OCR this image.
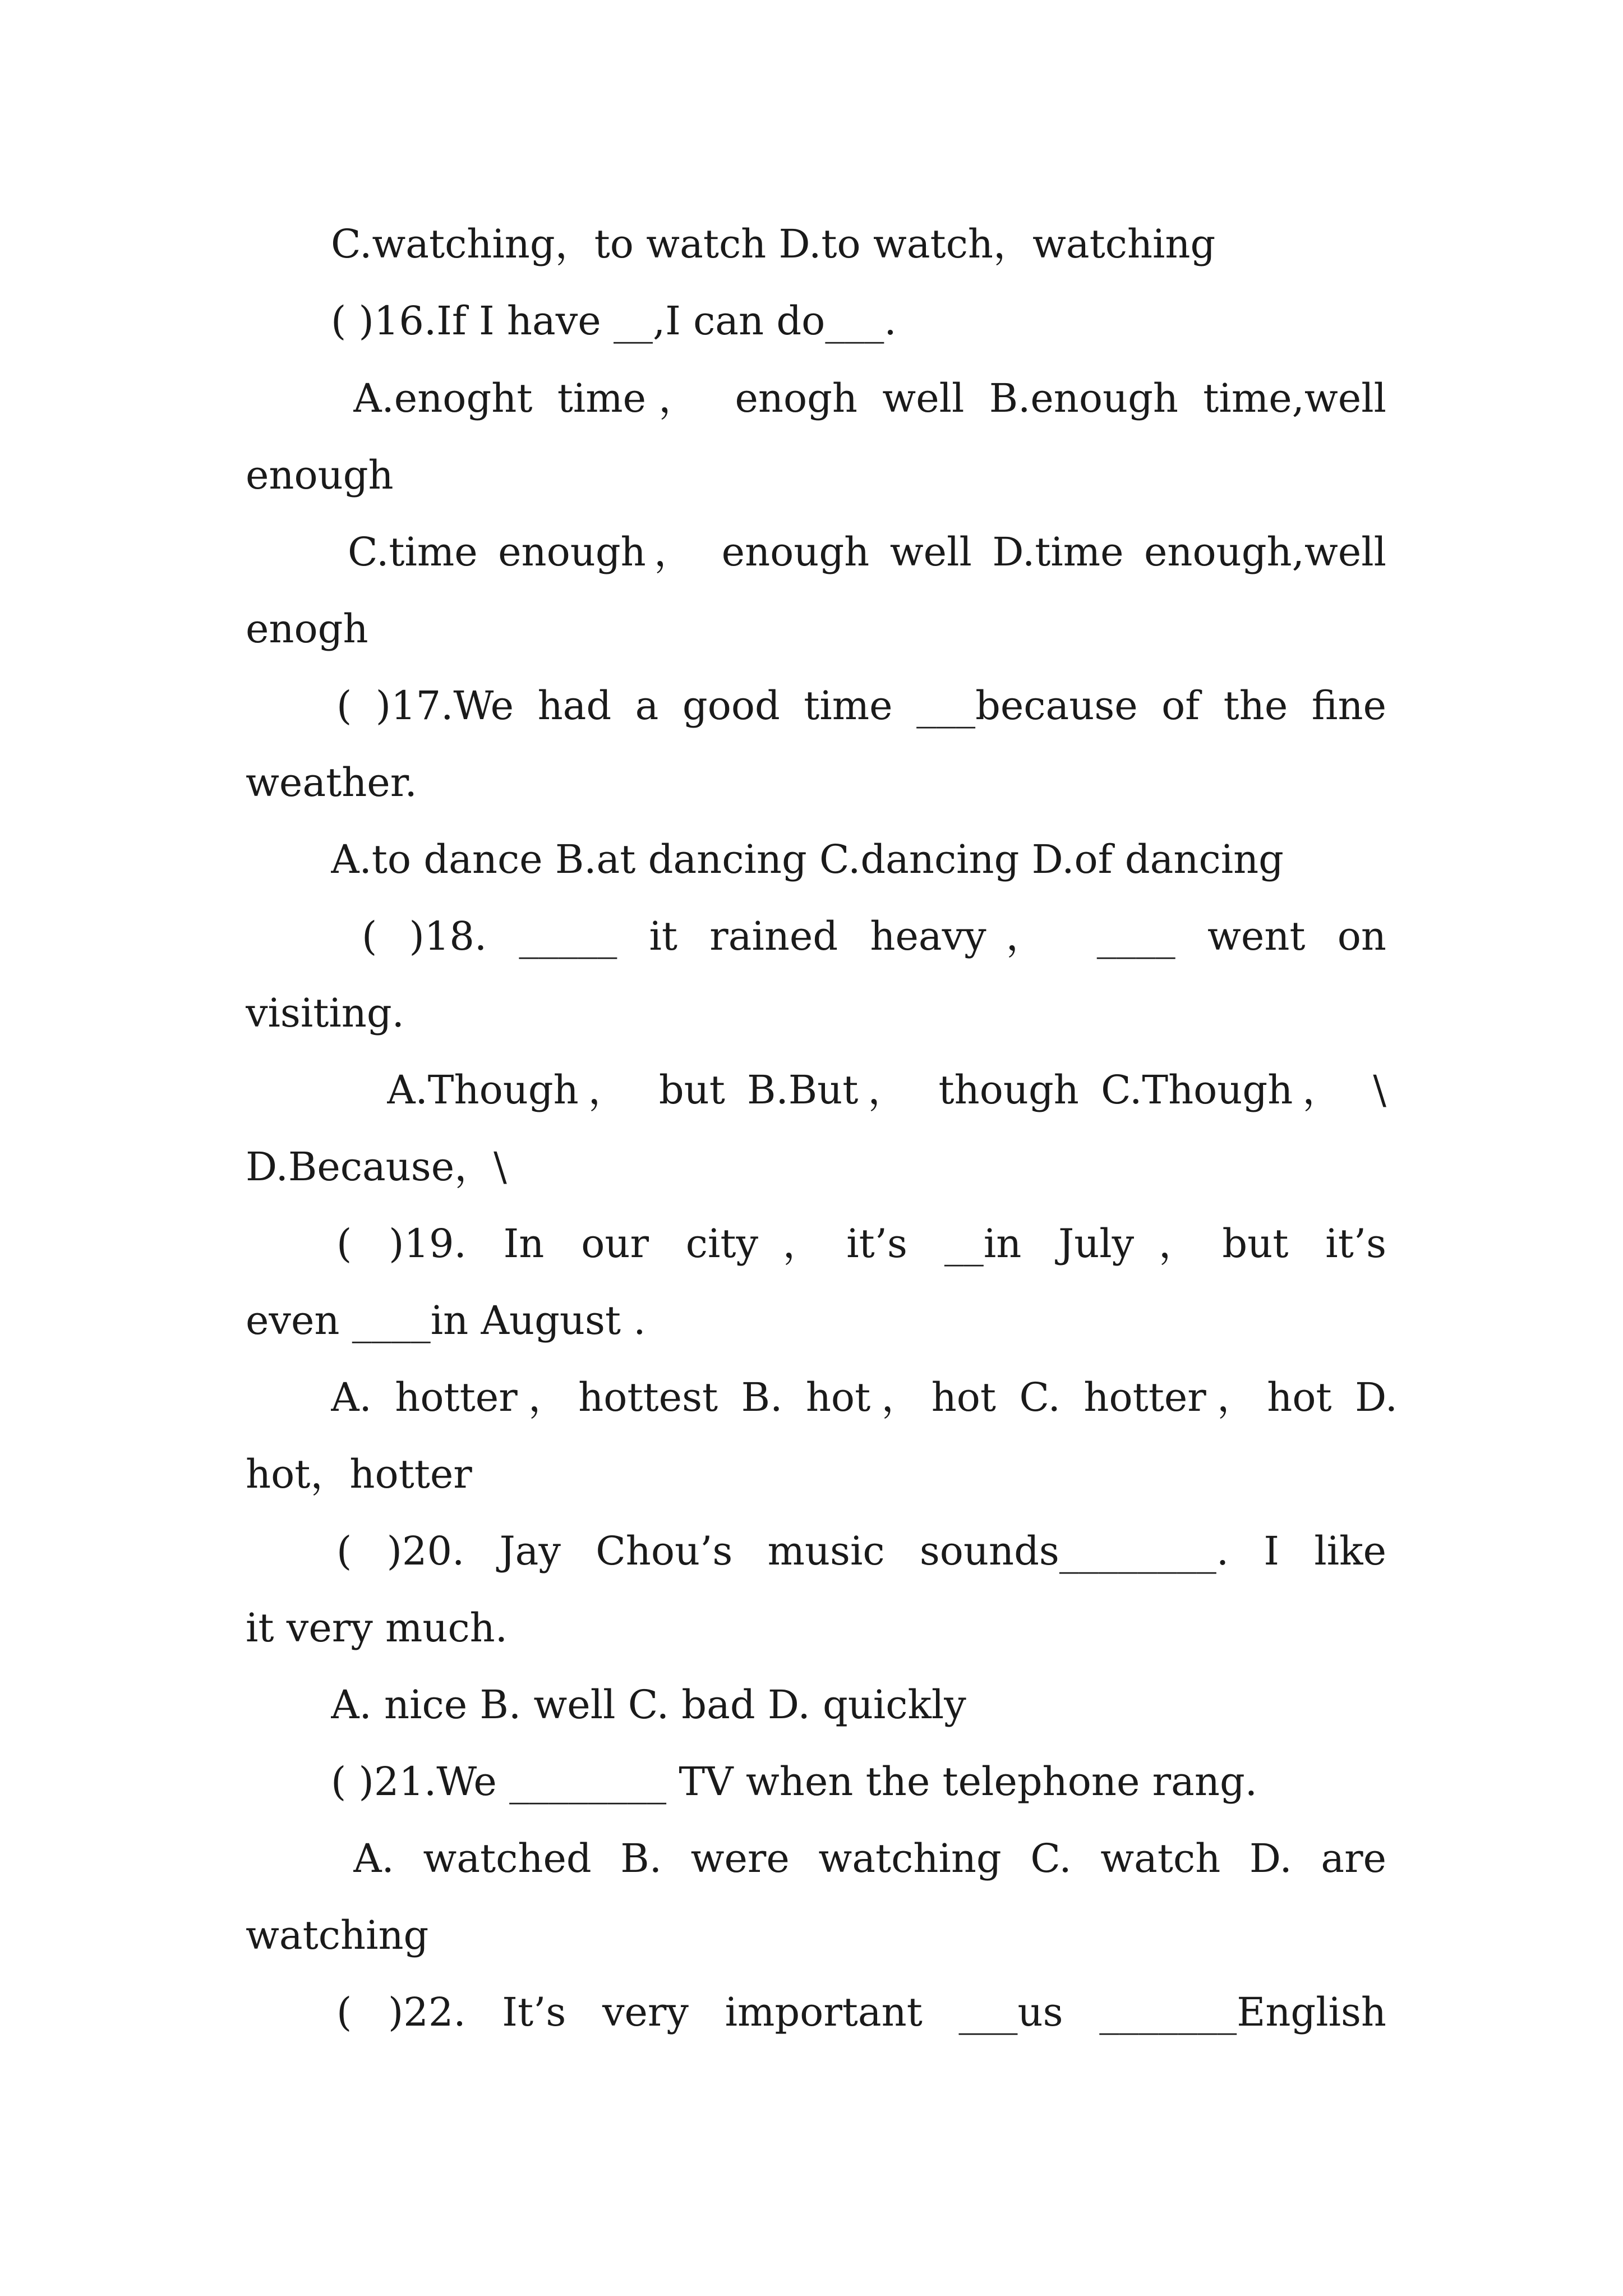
C.watching，to watch D.to watch，watching
( )16.If I have __,I can do___.
A.enoght time， enogh well B.enough time,well
enough
C.time enough， enough well D.time enough,well
enogh
( )17.We had a good time ___because of the fine
weather.
A.to dance B.at dancing C.dancing D.of dancing
( )18. _____ it rained heavy， ____ went on
visiting.
A.Though， but B.But， though C.Though， \
D.Because，\
( )19. In our city，it’s __in July，but it’s
even ____in August .
A. hotter，hottest B. hot，hot C. hotter，hot D.
hot，hotter
( )20. Jay Chou’s music sounds________. I like
it very much.
A. nice B. well C. bad D. quickly
( )21.We ________ TV when the telephone rang.
A. watched B. were watching C. watch D. are
watching
( )22. It’s very important ___us _______English
